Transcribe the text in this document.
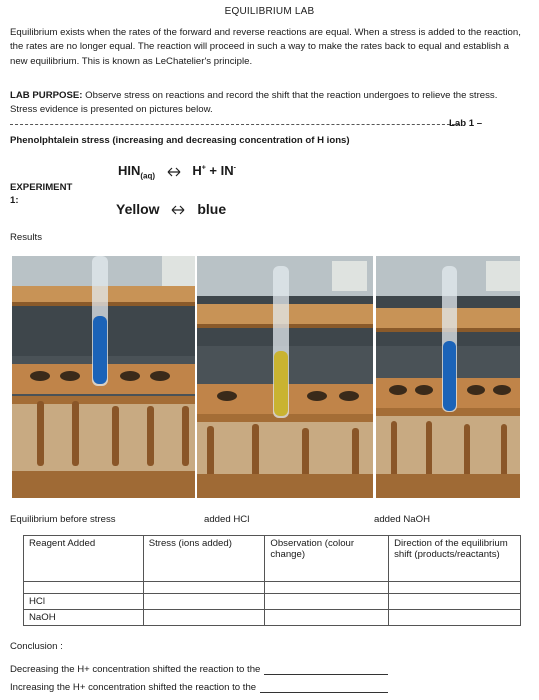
EQUILIBRIUM LAB
Equilibrium exists when the rates of the forward and reverse reactions are equal. When a stress is added to the reaction, the rates are no longer equal. The reaction will proceed in such a way to make the rates back to equal and establish a new equilibrium. This is known as LeChatelier's principle.
LAB PURPOSE: Observe stress on reactions and record the shift that the reaction undergoes to relieve the stress. Stress evidence is presented on pictures below.
Lab 1 –
Phenolphtalein stress (increasing and decreasing concentration of H ions)
EXPERIMENT
1:
$HIN_{(aq)}$	H+ + IN-
Yellow	blue
Results
Equilibrium before stress	added HCl	added NaOH
Reagent Added	Stress (ions added)	Observation (colour change)	Direction of the equilibrium shift (products/reactants)

HCl			
NaOH			
Conclusion :
Decreasing the H+ concentration shifted the reaction to the
Increasing the H+ concentration shifted the reaction to the
